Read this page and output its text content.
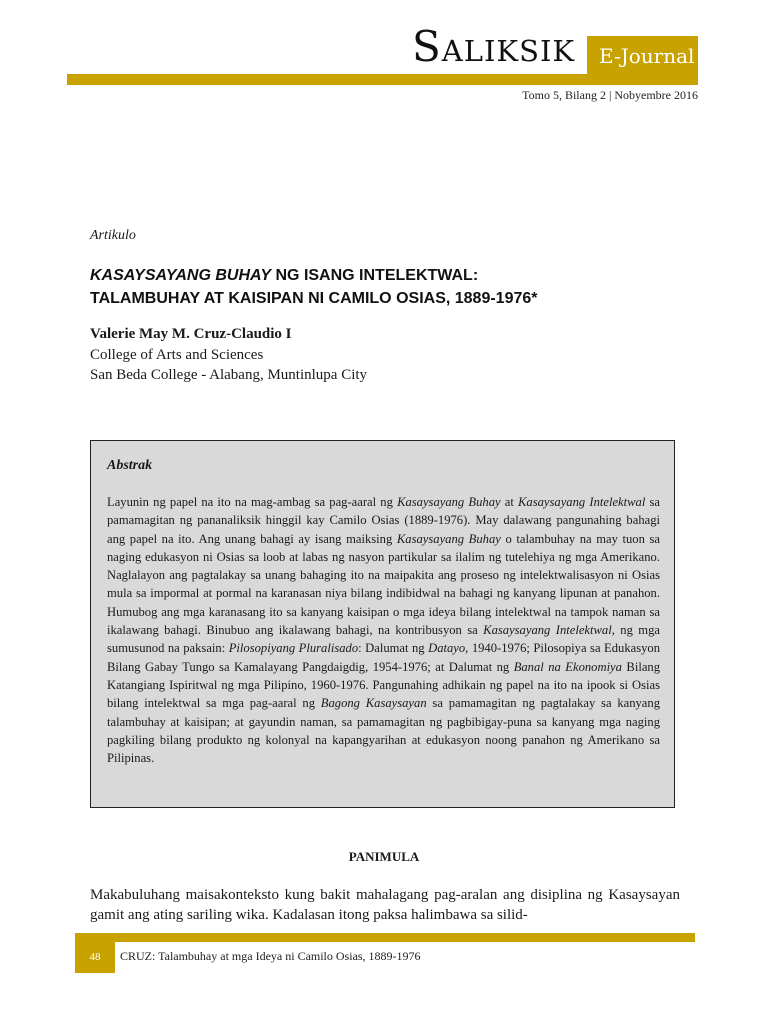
Saliksik E-Journal
Tomo 5, Bilang 2 | Nobyembre 2016
Artikulo
KASAYSAYANG BUHAY NG ISANG INTELEKTWAL:
TALAMBUHAY AT KAISIPAN NI CAMILO OSIAS, 1889-1976*
Valerie May M. Cruz-Claudio I
College of Arts and Sciences
San Beda College - Alabang, Muntinlupa City
Abstrak
Layunin ng papel na ito na mag-ambag sa pag-aaral ng Kasaysayang Buhay at Kasaysayang Intelektwal sa pamamagitan ng pananaliksik hinggil kay Camilo Osias (1889-1976). May dalawang pangunahing bahagi ang papel na ito. Ang unang bahagi ay isang maiksing Kasaysayang Buhay o talambuhay na may tuon sa naging edukasyon ni Osias sa loob at labas ng nasyon partikular sa ilalim ng tutelehiya ng mga Amerikano. Naglalayon ang pagtalakay sa unang bahaging ito na maipakita ang proseso ng intelektwalisasyon ni Osias mula sa impormal at pormal na karanasan niya bilang indibidwal na bahagi ng kanyang lipunan at panahon. Humubog ang mga karanasang ito sa kanyang kaisipan o mga ideya bilang intelektwal na tampok naman sa ikalawang bahagi. Binubuo ang ikalawang bahagi, na kontribusyon sa Kasaysayang Intelektwal, ng mga sumusunod na paksain: Pilosopiyang Pluralisado: Dalumat ng Datayo, 1940-1976; Pilosopiya sa Edukasyon Bilang Gabay Tungo sa Kamalayang Pangdaigdig, 1954-1976; at Dalumat ng Banal na Ekonomiya Bilang Katangiang Ispiritwal ng mga Pilipino, 1960-1976. Pangunahing adhikain ng papel na ito na ipook si Osias bilang intelektwal sa mga pag-aaral ng Bagong Kasaysayan sa pamamagitan ng pagtalakay sa kanyang talambuhay at kaisipan; at gayundin naman, sa pamamagitan ng pagbibigay-puna sa kanyang mga naging pagkiling bilang produkto ng kolonyal na kapangyarihan at edukasyon noong panahon ng Amerikano sa Pilipinas.
PANIMULA
Makabuluhang maisakonteksto kung bakit mahalagang pag-aralan ang disiplina ng Kasaysayan gamit ang ating sariling wika. Kadalasan itong paksa halimbawa sa silid-
48	CRUZ: Talambuhay at mga Ideya ni Camilo Osias, 1889-1976
